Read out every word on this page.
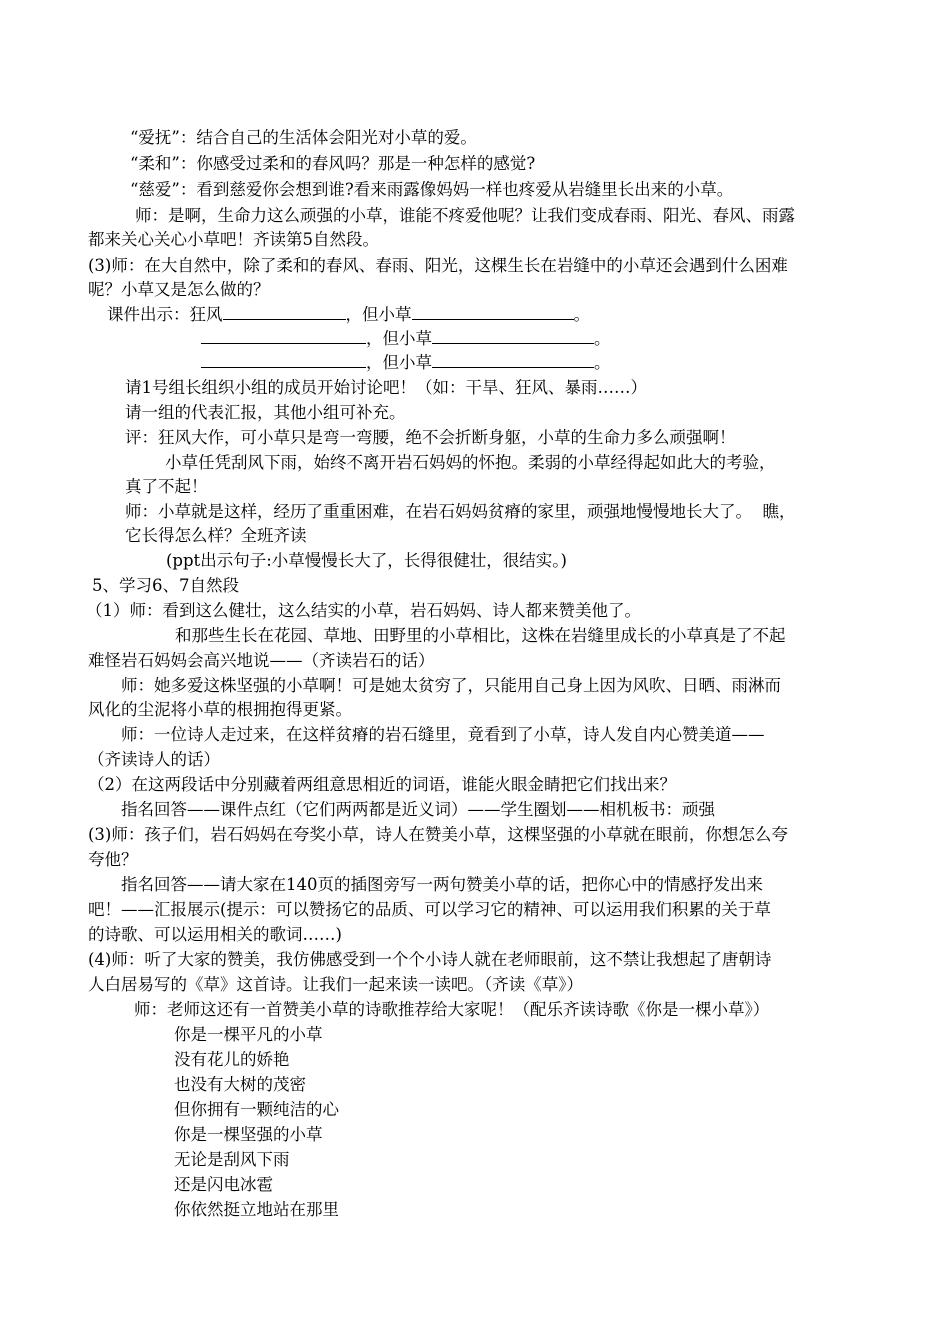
“爱抚”：结合自己的生活体会阳光对小草的爱。
“柔和”：你感受过柔和的春风吗？那是一种怎样的感觉?
“慈爱”：看到慈爱你会想到谁?看来雨露像妈妈一样也疼爱从岩缝里长出来的小草。
师：是啊，生命力这么顽强的小草，谁能不疼爱他呢？让我们变成春雨、阳光、春风、雨露
都来关心关心小草吧！齐读第5自然段。
(3)师：在大自然中，除了柔和的春风、春雨、阳光，这棵生长在岩缝中的小草还会遇到什么困难
呢？小草又是怎么做的？
课件出示：狂风	，但小草	。
，但小草	。
，但小草	。
请1号组长组织小组的成员开始讨论吧！（如：干旱、狂风、暴雨……）
请一组的代表汇报，其他小组可补充。
评：狂风大作，可小草只是弯一弯腰，绝不会折断身躯，小草的生命力多么顽强啊！
小草任凭刮风下雨，始终不离开岩石妈妈的怀抱。柔弱的小草经得起如此大的考验，
真了不起！
师：小草就是这样，经历了重重困难，在岩石妈妈贫瘠的家里，顽强地慢慢地长大了。  瞧，
它长得怎么样？全班齐读
(ppt出示句子:小草慢慢长大了，长得很健壮，很结实。)
5、学习6、7自然段
（1）师：看到这么健壮，这么结实的小草，岩石妈妈、诗人都来赞美他了。
和那些生长在花园、草地、田野里的小草相比，这株在岩缝里成长的小草真是了不起
难怪岩石妈妈会高兴地说——（齐读岩石的话）
师：她多爱这株坚强的小草啊！可是她太贫穷了，只能用自己身上因为风吹、日晒、雨淋而
风化的尘泥将小草的根拥抱得更紧。
师：一位诗人走过来，在这样贫瘠的岩石缝里，竟看到了小草，诗人发自内心赞美道——
（齐读诗人的话）
（2）在这两段话中分别藏着两组意思相近的词语，谁能火眼金睛把它们找出来？
指名回答——课件点红（它们两两都是近义词）——学生圈划——相机板书：顽强
(3)师：孩子们，岩石妈妈在夸奖小草，诗人在赞美小草，这棵坚强的小草就在眼前，你想怎么夸
夸他？
指名回答——请大家在140页的插图旁写一两句赞美小草的话，把你心中的情感抒发出来
吧！——汇报展示(提示：可以赞扬它的品质、可以学习它的精神、可以运用我们积累的关于草
的诗歌、可以运用相关的歌词……)
(4)师：听了大家的赞美，我仿佛感受到一个个小诗人就在老师眼前，这不禁让我想起了唐朝诗
人白居易写的《草》这首诗。让我们一起来读一读吧。（齐读《草》）
师：老师这还有一首赞美小草的诗歌推荐给大家呢！（配乐齐读诗歌《你是一棵小草》）
你是一棵平凡的小草
没有花儿的娇艳
也没有大树的茂密
但你拥有一颗纯洁的心
你是一棵坚强的小草
无论是刮风下雨
还是闪电冰雹
你依然挺立地站在那里
